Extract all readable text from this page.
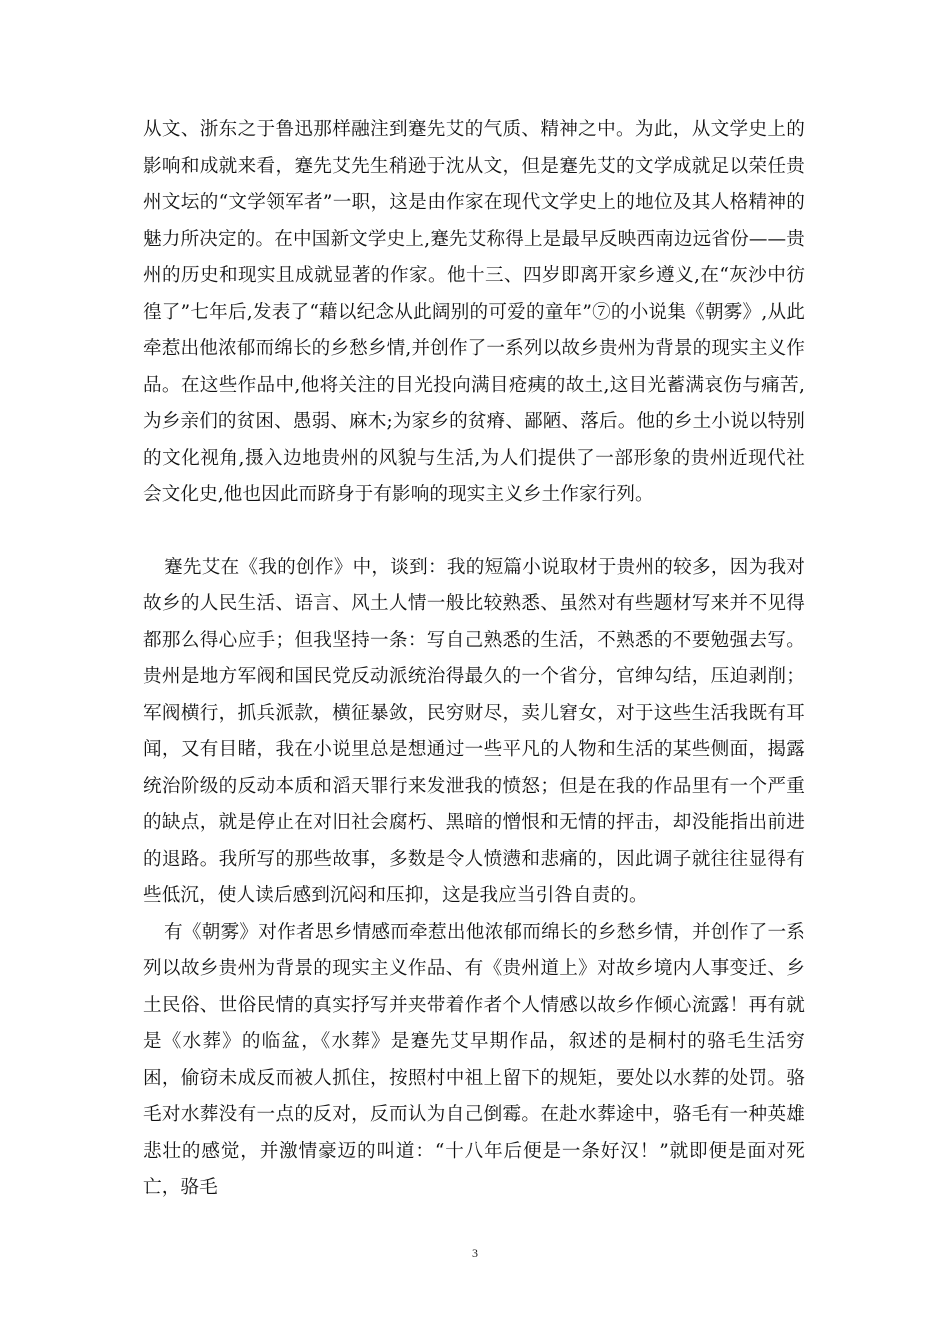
从文、浙东之于鲁迅那样融注到蹇先艾的气质、精神之中。为此，从文学史上的影响和成就来看，蹇先艾先生稍逊于沈从文，但是蹇先艾的文学成就足以荣任贵州文坛的“文学领军者”一职，这是由作家在现代文学史上的地位及其人格精神的魅力所决定的。在中国新文学史上,蹇先艾称得上是最早反映西南边远省份——贵州的历史和现实且成就显著的作家。他十三、四岁即离开家乡遵义,在“灰沙中彷徨了”七年后,发表了“藉以纪念从此阔别的可爱的童年”⑦的小说集《朝雾》,从此牵惹出他浓郁而绵长的乡愁乡情,并创作了一系列以故乡贵州为背景的现实主义作品。在这些作品中,他将关注的目光投向满目疮痍的故土,这目光蓄满哀伤与痛苦,为乡亲们的贫困、愚弱、麻木;为家乡的贫瘠、鄙陋、落后。他的乡土小说以特别的文化视角,摄入边地贵州的风貌与生活,为人们提供了一部形象的贵州近现代社会文化史,他也因此而跻身于有影响的现实主义乡土作家行列。

蹇先艾在《我的创作》中，谈到：我的短篇小说取材于贵州的较多，因为我对故乡的人民生活、语言、风土人情一般比较熟悉、虽然对有些题材写来并不见得都那么得心应手；但我坚持一条：写自己熟悉的生活，不熟悉的不要勉强去写。贵州是地方军阀和国民党反动派统治得最久的一个省分，官绅勾结，压迫剥削；军阀横行，抓兵派款，横征暴敛，民穷财尽，卖儿窘女，对于这些生活我既有耳闻，又有目睹，我在小说里总是想通过一些平凡的人物和生活的某些侧面，揭露统治阶级的反动本质和滔天罪行来发泄我的愤怒；但是在我的作品里有一个严重的缺点，就是停止在对旧社会腐朽、黑暗的憎恨和无情的抨击，却没能指出前进的退路。我所写的那些故事，多数是令人愤懑和悲痛的，因此调子就往往显得有些低沉，使人读后感到沉闷和压抑，这是我应当引咎自责的。

有《朝雾》对作者思乡情感而牵惹出他浓郁而绵长的乡愁乡情，并创作了一系列以故乡贵州为背景的现实主义作品、有《贵州道上》对故乡境内人事变迁、乡土民俗、世俗民情的真实抒写并夹带着作者个人情感以故乡作倾心流露！再有就是《水葬》的临盆，《水葬》是蹇先艾早期作品，叙述的是桐村的骆毛生活穷困，偷窃未成反而被人抓住，按照村中祖上留下的规矩，要处以水葬的处罚。骆毛对水葬没有一点的反对，反而认为自己倒霉。在赴水葬途中，骆毛有一种英雄悲壮的感觉，并激情豪迈的叫道：“十八年后便是一条好汉！”就即便是面对死亡，骆毛

3
